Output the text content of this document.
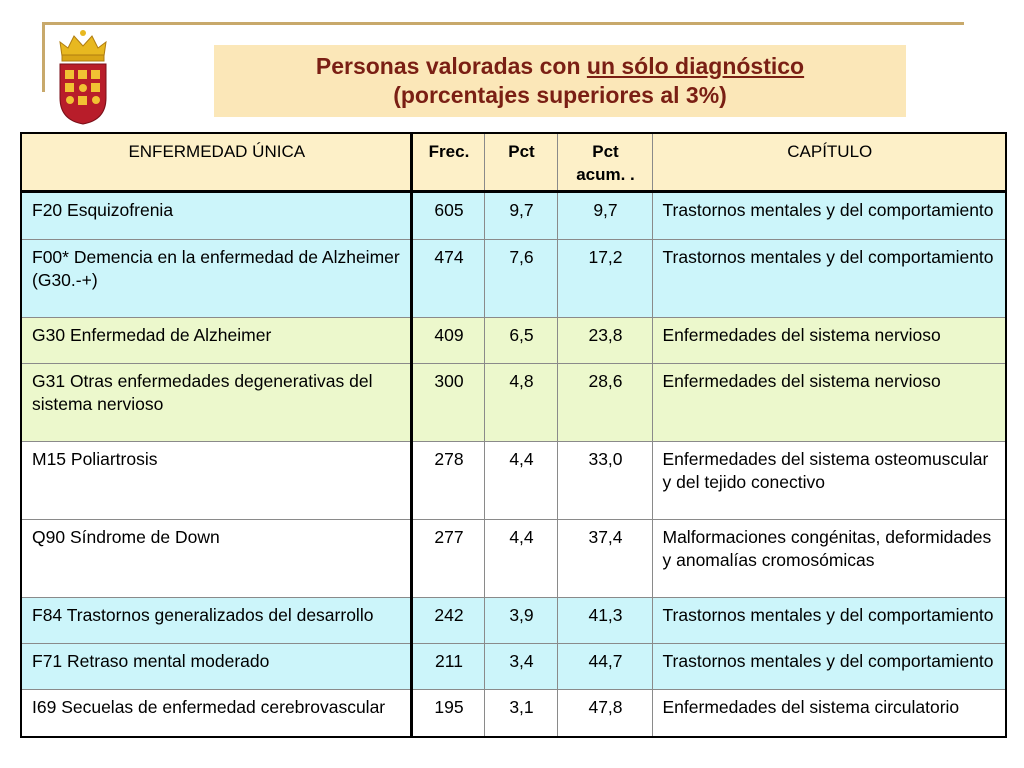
Personas valoradas con un sólo diagnóstico
(porcentajes superiores al 3%)
ENFERMEDAD ÚNICA	Frec.	Pct	Pct acum. .	CAPÍTULO
F20 Esquizofrenia	605	9,7	9,7	Trastornos mentales y del comportamiento
F00* Demencia en la enfermedad de Alzheimer (G30.-+)	474	7,6	17,2	Trastornos mentales y del comportamiento
G30 Enfermedad de Alzheimer	409	6,5	23,8	Enfermedades del sistema nervioso
G31 Otras enfermedades degenerativas del sistema nervioso	300	4,8	28,6	Enfermedades del sistema nervioso
M15 Poliartrosis	278	4,4	33,0	Enfermedades del sistema osteomuscular y del tejido conectivo
Q90 Síndrome de Down	277	4,4	37,4	Malformaciones congénitas, deformidades y anomalías cromosómicas
F84 Trastornos generalizados del desarrollo	242	3,9	41,3	Trastornos mentales y del comportamiento
F71 Retraso mental moderado	211	3,4	44,7	Trastornos mentales y del comportamiento
I69 Secuelas de enfermedad cerebrovascular	195	3,1	47,8	Enfermedades del sistema circulatorio
